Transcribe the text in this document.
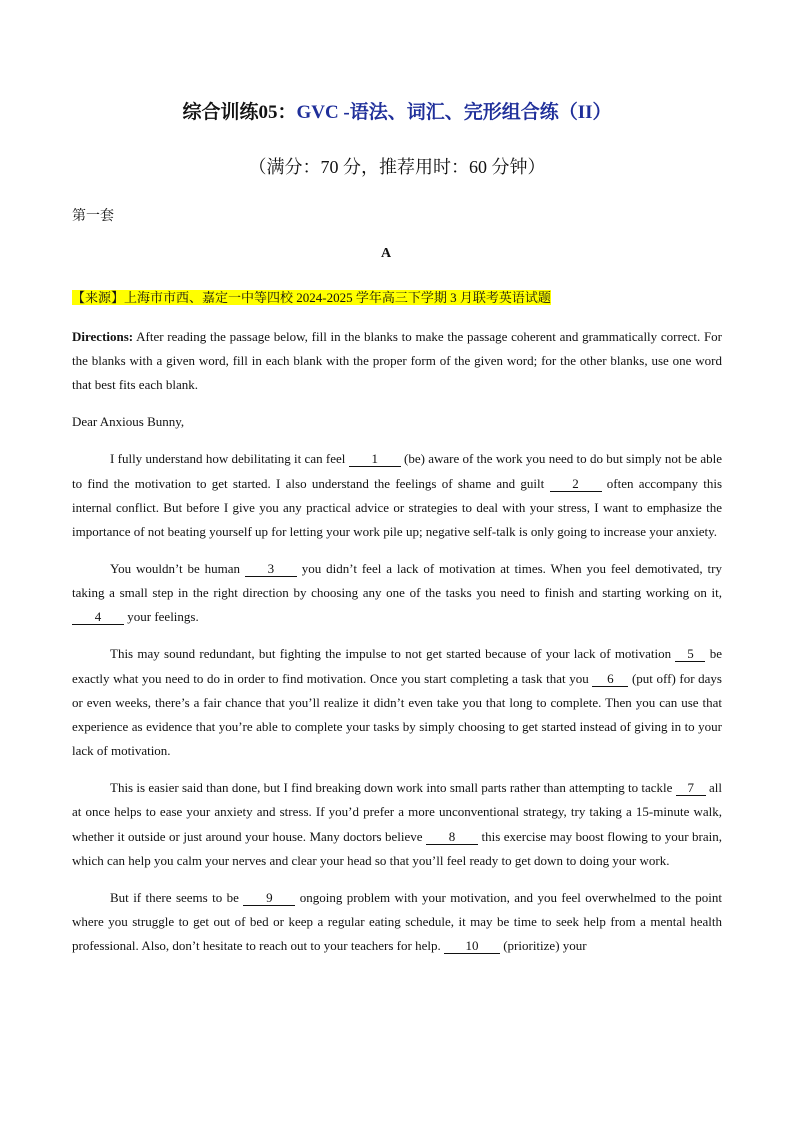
综合训练05：GVC -语法、词汇、完形组合练（II）
（满分：70 分，推荐用时：60 分钟）
第一套
A
【来源】上海市市西、嘉定一中等四校 2024-2025 学年高三下学期 3 月联考英语试题

Directions: After reading the passage below, fill in the blanks to make the passage coherent and grammatically correct. For the blanks with a given word, fill in each blank with the proper form of the given word; for the other blanks, use one word that best fits each blank.

Dear Anxious Bunny,

I fully understand how debilitating it can feel 1 (be) aware of the work you need to do but simply not be able to find the motivation to get started. I also understand the feelings of shame and guilt 2 often accompany this internal conflict. But before I give you any practical advice or strategies to deal with your stress, I want to emphasize the importance of not beating yourself up for letting your work pile up; negative self-talk is only going to increase your anxiety.

You wouldn’t be human 3 you didn’t feel a lack of motivation at times. When you feel demotivated, try taking a small step in the right direction by choosing any one of the tasks you need to finish and starting working on it, 4 your feelings.

This may sound redundant, but fighting the impulse to not get started because of your lack of motivation 5 be exactly what you need to do in order to find motivation. Once you start completing a task that you 6 (put off) for days or even weeks, there’s a fair chance that you’ll realize it didn’t even take you that long to complete. Then you can use that experience as evidence that you’re able to complete your tasks by simply choosing to get started instead of giving in to your lack of motivation.

This is easier said than done, but I find breaking down work into small parts rather than attempting to tackle 7 all at once helps to ease your anxiety and stress. If you’d prefer a more unconventional strategy, try taking a 15-minute walk, whether it outside or just around your house. Many doctors believe 8 this exercise may boost flowing to your brain, which can help you calm your nerves and clear your head so that you’ll feel ready to get down to doing your work.

But if there seems to be 9 ongoing problem with your motivation, and you feel overwhelmed to the point where you struggle to get out of bed or keep a regular eating schedule, it may be time to seek help from a mental health professional. Also, don’t hesitate to reach out to your teachers for help. 10 (prioritize) your
